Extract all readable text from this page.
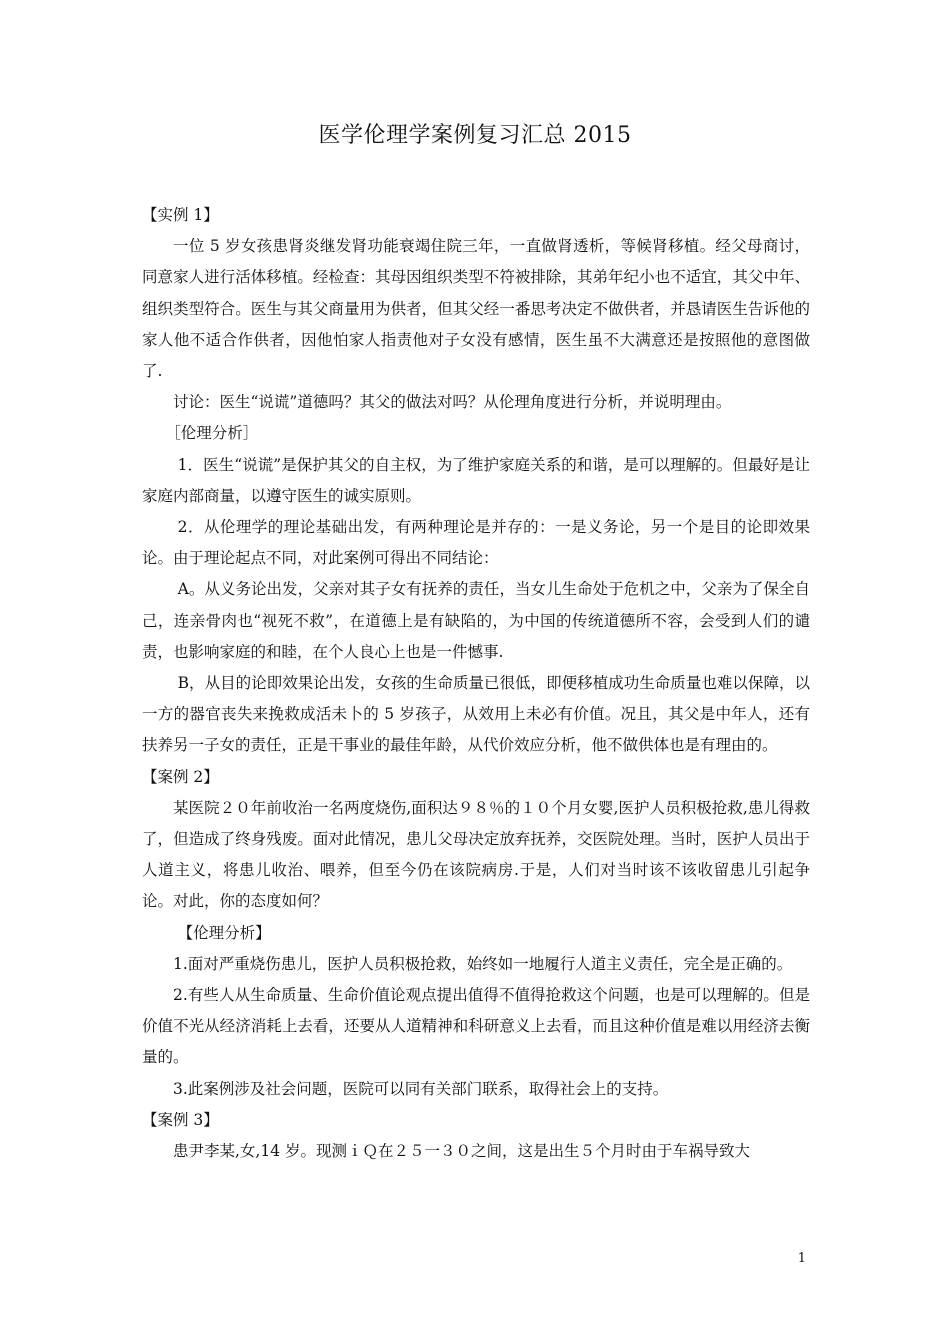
医学伦理学案例复习汇总 2015

【实例 1】

一位 5 岁女孩患肾炎继发肾功能衰竭住院三年，一直做肾透析，等候肾移植。经父母商讨，同意家人进行活体移植。经检查：其母因组织类型不符被排除，其弟年纪小也不适宜，其父中年、组织类型符合。医生与其父商量用为供者，但其父经一番思考决定不做供者，并恳请医生告诉他的家人他不适合作供者，因他怕家人指责他对子女没有感情，医生虽不大满意还是按照他的意图做了.

讨论：医生“说谎”道德吗？其父的做法对吗？从伦理角度进行分析，并说明理由。

［伦理分析］

1．医生“说谎”是保护其父的自主权，为了维护家庭关系的和谐，是可以理解的。但最好是让家庭内部商量，以遵守医生的诚实原则。

2．从伦理学的理论基础出发，有两种理论是并存的：一是义务论，另一个是目的论即效果论。由于理论起点不同，对此案例可得出不同结论：

A。从义务论出发，父亲对其子女有抚养的责任，当女儿生命处于危机之中，父亲为了保全自己，连亲骨肉也“视死不救”，在道德上是有缺陷的，为中国的传统道德所不容，会受到人们的谴责，也影响家庭的和睦，在个人良心上也是一件憾事.

B，从目的论即效果论出发，女孩的生命质量已很低，即便移植成功生命质量也难以保障，以一方的器官丧失来挽救成活未卜的 5 岁孩子，从效用上未必有价值。况且，其父是中年人，还有扶养另一子女的责任，正是干事业的最佳年龄，从代价效应分析，他不做供体也是有理由的。

【案例 2】

某医院２０年前收治一名两度烧伤,面积达９８％的１０个月女婴,医护人员积极抢救,患儿得救了，但造成了终身残废。面对此情况，患儿父母决定放弃抚养，交医院处理。当时，医护人员出于人道主义，将患儿收治、喂养，但至今仍在该院病房.于是，人们对当时该不该收留患儿引起争论。对此，你的态度如何？

【伦理分析】

1.面对严重烧伤患儿，医护人员积极抢救，始终如一地履行人道主义责任，完全是正确的。

2.有些人从生命质量、生命价值论观点提出值得不值得抢救这个问题，也是可以理解的。但是价值不光从经济消耗上去看，还要从人道精神和科研意义上去看，而且这种价值是难以用经济去衡量的。

3.此案例涉及社会问题，医院可以同有关部门联系，取得社会上的支持。

【案例 3】

患尹李某,女,14 岁。现测ｉＱ在２５一３０之间，这是出生５个月时由于车祸导致大

1
